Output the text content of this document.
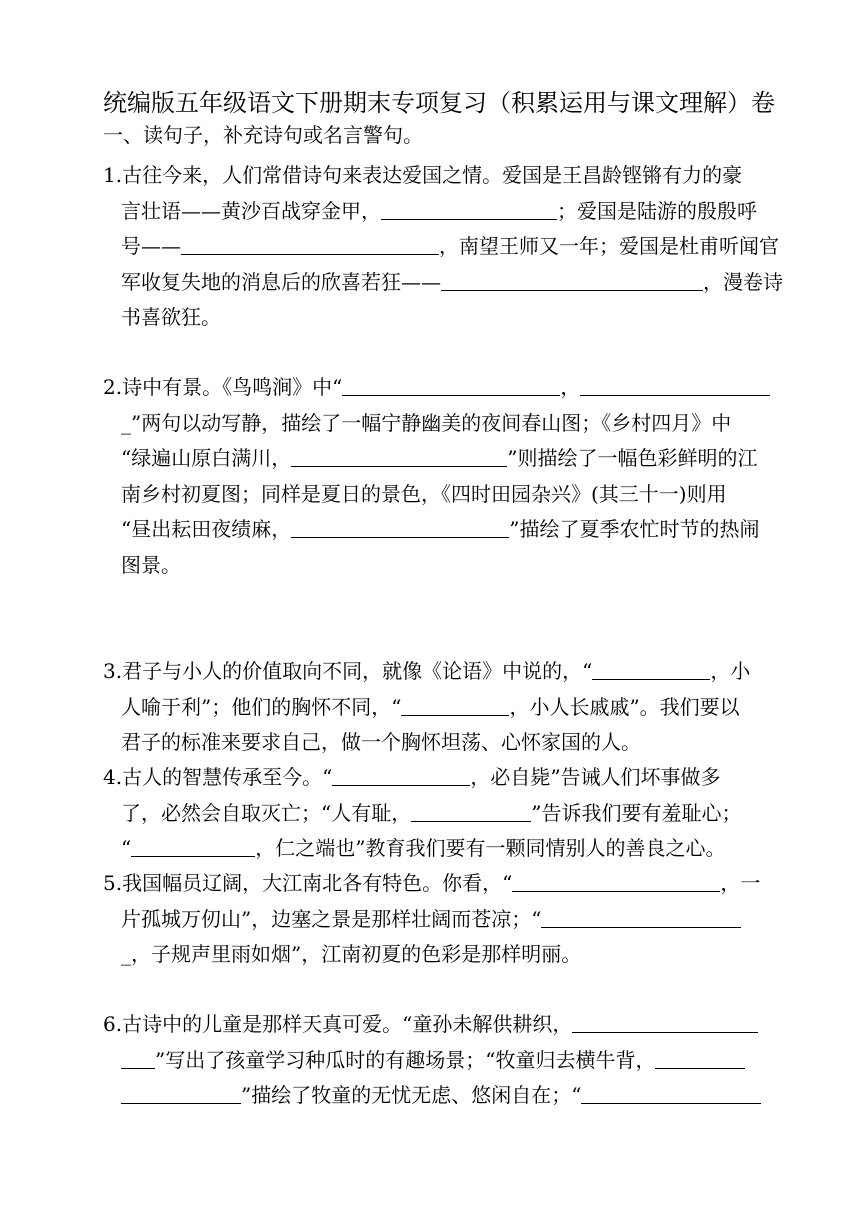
统编版五年级语文下册期末专项复习（积累运用与课文理解）卷
一、读句子，补充诗句或名言警句。
1.古往今来，人们常借诗句来表达爱国之情。爱国是王昌龄铿锵有力的豪
言壮语——黄沙百战穿金甲，	；爱国是陆游的殷殷呼
号——	，南望王师又一年；爱国是杜甫听闻官
军收复失地的消息后的欣喜若狂——	，漫卷诗
书喜欲狂。
2.诗中有景。《鸟鸣涧》中“	，
_”两句以动写静，描绘了一幅宁静幽美的夜间春山图；《乡村四月》中
“绿遍山原白满川，	”则描绘了一幅色彩鲜明的江
南乡村初夏图；同样是夏日的景色，《四时田园杂兴》(其三十一)则用
“昼出耘田夜绩麻，	”描绘了夏季农忙时节的热闹
图景。
3.君子与小人的价值取向不同，就像《论语》中说的，“	，小
人喻于利”；他们的胸怀不同，“	，小人长戚戚”。我们要以
君子的标准来要求自己，做一个胸怀坦荡、心怀家国的人。
4.古人的智慧传承至今。“	，必自毙”告诫人们坏事做多
了，必然会自取灭亡；“人有耻，	”告诉我们要有羞耻心；
“	，仁之端也”教育我们要有一颗同情别人的善良之心。
5.我国幅员辽阔，大江南北各有特色。你看，“	，一
片孤城万仞山”，边塞之景是那样壮阔而苍凉；“
_，子规声里雨如烟”，江南初夏的色彩是那样明丽。
6.古诗中的儿童是那样天真可爱。“童孙未解供耕织，
”写出了孩童学习种瓜时的有趣场景；“牧童归去横牛背，
”描绘了牧童的无忧无虑、悠闲自在；“
